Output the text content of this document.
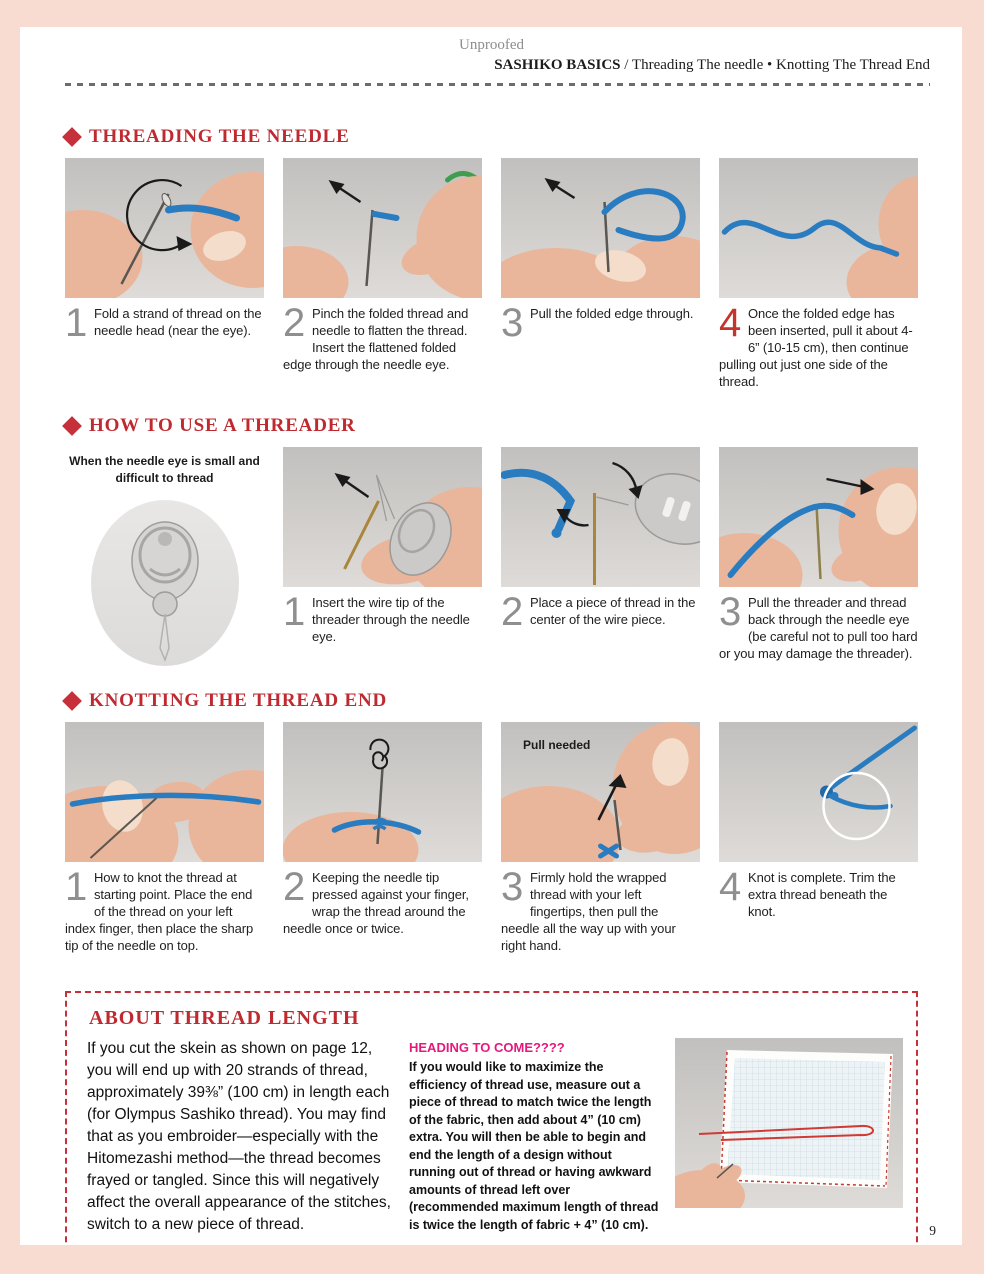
Unproofed
SASHIKO BASICS / Threading The needle • Knotting The Thread End
THREADING THE NEEDLE

1 Fold a strand of thread on the needle head (near the eye). 2 Pinch the folded thread and needle to flatten the thread. Insert the flattened folded edge through the needle eye.

3 Pull the folded edge through. 4 Once the folded edge has been inserted, pull it about 4-6” (10-15 cm), then continue pulling out just one side of the thread.

HOW TO USE A THREADER

When the needle eye is small and difficult to thread

1 Insert the wire tip of the threader through the needle eye.

2 Place a piece of thread in the center of the wire piece.	3 Pull the threader and thread back through the needle eye (be careful not to pull too hard or you may damage the threader).

KNOTTING THE THREAD END

1 How to knot the thread at starting point. Place the end of the thread on your left index finger, then place the sharp tip of the needle on top.

2 Keeping the needle tip pressed against your finger, wrap the thread around the needle once or twice.

Pull needed

3 Firmly hold the wrapped thread with your left fingertips, then pull the needle all the way up with your right hand.

4 Knot is complete. Trim the extra thread beneath the knot.

ABOUT THREAD LENGTH

If you cut the skein as shown on page 12, you will end up with 20 strands of thread, approximately 39⅜” (100 cm) in length each (for Olympus Sashiko thread). You may find that as you embroider—especially with the Hitomezashi method—the thread becomes frayed or tangled. Since this will negatively affect the overall appearance of the stitches, switch to a new piece of thread.

HEADING TO COME????

If you would like to maximize the efficiency of thread use, measure out a piece of thread to match twice the length of the fabric, then add about 4” (10 cm) extra. You will then be able to begin and end the length of a design without running out of thread or having awkward amounts of thread left over (recommended maximum length of thread is twice the length of fabric + 4” (10 cm).	9
